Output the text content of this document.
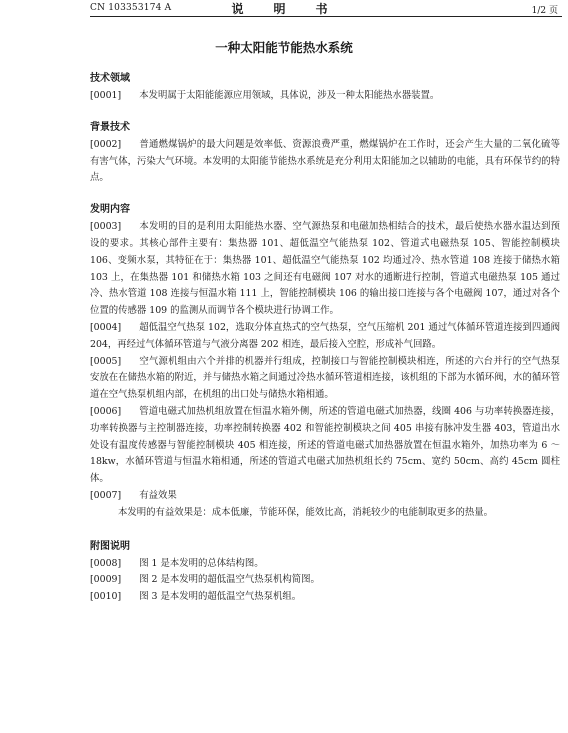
CN 103353174 A	说　明　书	1/2 页
一种太阳能节能热水系统
技术领域

[0001] 本发明属于太阳能能源应用领域，具体说，涉及一种太阳能热水器装置。

背景技术

[0002] 普通燃煤锅炉的最大问题是效率低、资源浪费严重，燃煤锅炉在工作时，还会产生大量的二氧化硫等有害气体，污染大气环境。本发明的太阳能节能热水系统是充分利用太阳能加之以辅助的电能，具有环保节约的特点。

发明内容

[0003] 本发明的目的是利用太阳能热水器、空气源热泵和电磁加热相结合的技术，最后使热水器水温达到预设的要求。其核心部件主要有：集热器 101、超低温空气能热泵 102、管道式电磁热泵 105、智能控制模块 106、变频水泵，其特征在于：集热器 101、超低温空气能热泵 102 均通过冷、热水管道 108 连接于储热水箱 103 上，在集热器 101 和储热水箱 103 之间还有电磁阀 107 对水的通断进行控制，管道式电磁热泵 105 通过冷、热水管道 108 连接与恒温水箱 111 上，智能控制模块 106 的输出接口连接与各个电磁阀 107，通过对各个位置的传感器 109 的监测从而调节各个模块进行协调工作。

[0004] 超低温空气热泵 102，选取分体直热式的空气热泵，空气压缩机 201 通过气体循环管道连接到四通阀 204，再经过气体循环管道与气液分离器 202 相连，最后接入空腔，形成补气回路。

[0005] 空气源机组由六个并排的机器并行组成，控制接口与智能控制模块相连，所述的六台并行的空气热泵安放在在储热水箱的附近，并与储热水箱之间通过冷热水循环管道相连接，该机组的下部为水循环阀，水的循环管道在空气热泵机组内部，在机组的出口处与储热水箱相通。

[0006] 管道电磁式加热机组放置在恒温水箱外侧，所述的管道电磁式加热器，线圈 406 与功率转换器连接，功率转换器与主控制器连接，功率控制转换器 402 和智能控制模块之间 405 串接有脉冲发生器 403，管道出水处设有温度传感器与智能控制模块 405 相连接，所述的管道电磁式加热器放置在恒温水箱外，加热功率为 6 ～ 18kw，水循环管道与恒温水箱相通，所述的管道式电磁式加热机组长约 75cm、宽约 50cm、高约 45cm 圆柱体。

[0007] 有益效果

本发明的有益效果是：成本低廉，节能环保，能效比高，消耗较少的电能制取更多的热量。

附图说明
[0008] 图 1 是本发明的总体结构图。
[0009] 图 2 是本发明的超低温空气热泵机构简图。
[0010] 图 3 是本发明的超低温空气热泵机组。
